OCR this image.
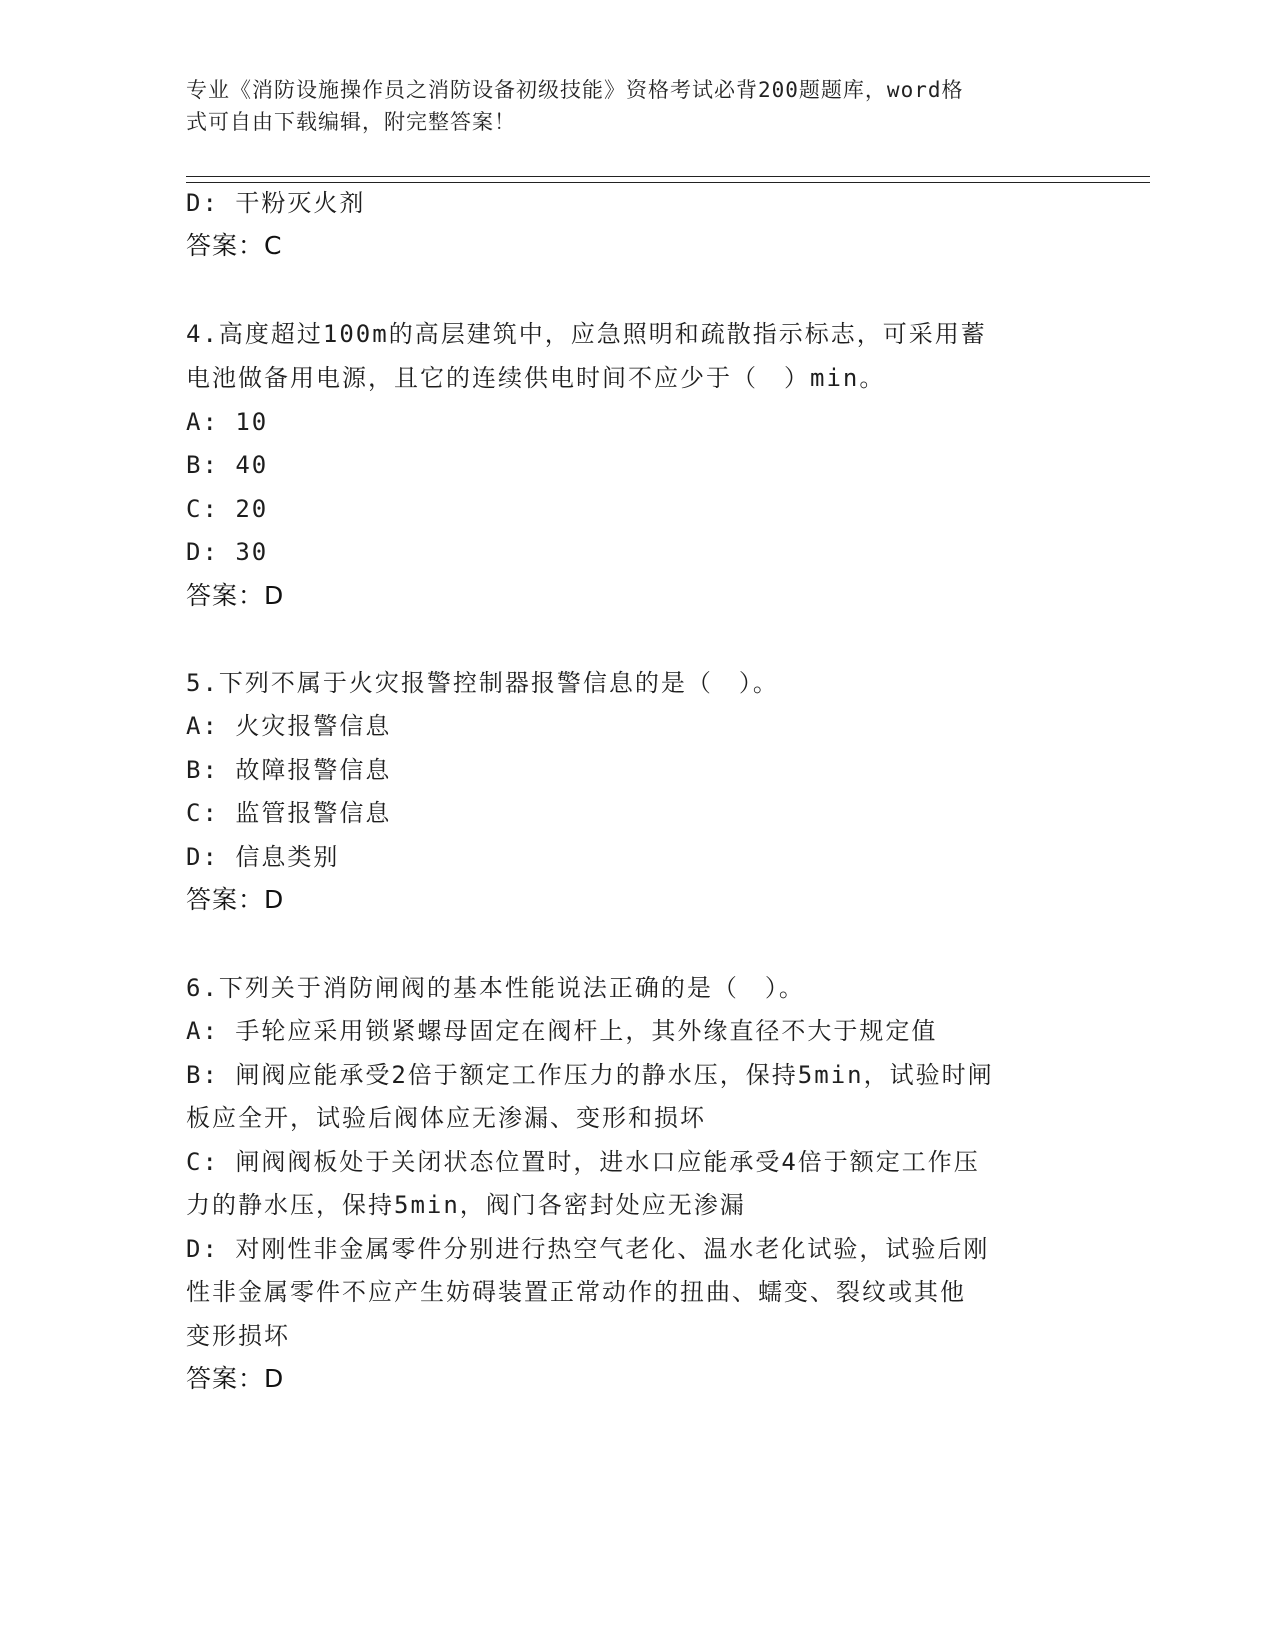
专业《消防设施操作员之消防设备初级技能》资格考试必背200题题库，word格
式可自由下载编辑，附完整答案！
D: 干粉灭火剂
答案：C
4.高度超过100m的高层建筑中，应急照明和疏散指示标志，可采用蓄
电池做备用电源，且它的连续供电时间不应少于（　）min。
A: 10
B: 40
C: 20
D: 30
答案：D
5.下列不属于火灾报警控制器报警信息的是（　）。
A: 火灾报警信息
B: 故障报警信息
C: 监管报警信息
D: 信息类别
答案：D
6.下列关于消防闸阀的基本性能说法正确的是（　）。
A: 手轮应采用锁紧螺母固定在阀杆上，其外缘直径不大于规定值
B: 闸阀应能承受2倍于额定工作压力的静水压，保持5min，试验时闸
板应全开，试验后阀体应无渗漏、变形和损坏
C: 闸阀阀板处于关闭状态位置时，进水口应能承受4倍于额定工作压
力的静水压，保持5min，阀门各密封处应无渗漏
D: 对刚性非金属零件分别进行热空气老化、温水老化试验，试验后刚
性非金属零件不应产生妨碍装置正常动作的扭曲、蠕变、裂纹或其他
变形损坏
答案：D
